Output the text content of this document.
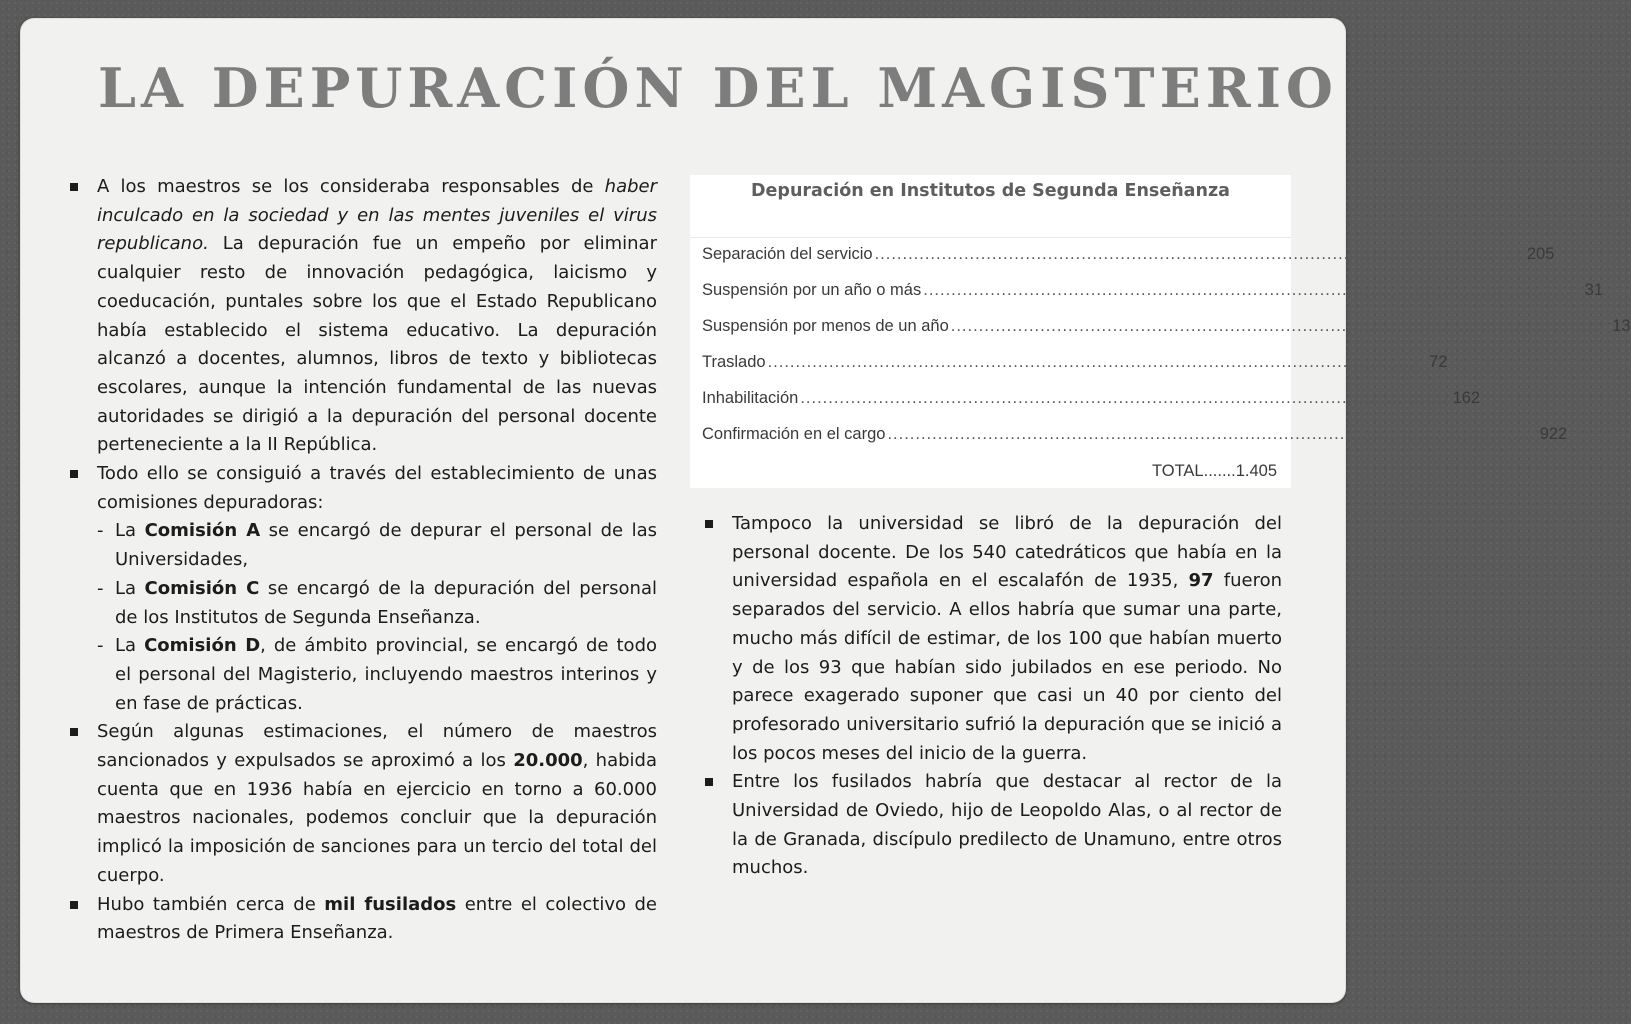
LA DEPURACIÓN DEL MAGISTERIO

A los maestros se los consideraba responsables de haber inculcado en la sociedad y en las mentes juveniles el virus republicano. La depuración fue un empeño por eliminar cualquier resto de innovación pedagógica, laicismo y coeducación, puntales sobre los que el Estado Republicano había establecido el sistema educativo. La depuración alcanzó a docentes, alumnos, libros de texto y bibliotecas escolares, aunque la intención fundamental de las nuevas autoridades se dirigió a la depuración del personal docente perteneciente a la II República.

Todo ello se consiguió a través del establecimiento de unas comisiones depuradoras:

- La Comisión A se encargó de depurar el personal de las Universidades,

- La Comisión C se encargó de la depuración del personal de los Institutos de Segunda Enseñanza.

- La Comisión D, de ámbito provincial, se encargó de todo el personal del Magisterio, incluyendo maestros interinos y en fase de prácticas.

Según algunas estimaciones, el número de maestros sancionados y expulsados se aproximó a los 20.000, habida cuenta que en 1936 había en ejercicio en torno a 60.000 maestros nacionales, podemos concluir que la depuración implicó la imposición de sanciones para un tercio del total del cuerpo.

Hubo también cerca de mil fusilados entre el colectivo de maestros de Primera Enseñanza.

Depuración en Institutos de Segunda Enseñanza

Separación del servicio .................................................................................................................... 205
Suspensión por un año o más .................................................................................................................... 31
Suspensión por menos de un año .................................................................................................................... 13
Traslado .................................................................................................................... 72
Inhabilitación .................................................................................................................... 162
Confirmación en el cargo .................................................................................................................... 922
TOTAL ....... 1.405

Tampoco la universidad se libró de la depuración del personal docente. De los 540 catedráticos que había en la universidad española en el escalafón de 1935, 97 fueron separados del servicio. A ellos habría que sumar una parte, mucho más difícil de estimar, de los 100 que habían muerto y de los 93 que habían sido jubilados en ese periodo. No parece exagerado suponer que casi un 40 por ciento del profesorado universitario sufrió la depuración que se inició a los pocos meses del inicio de la guerra.

Entre los fusilados habría que destacar al rector de la Universidad de Oviedo, hijo de Leopoldo Alas, o al rector de la de Granada, discípulo predilecto de Unamuno, entre otros muchos.
